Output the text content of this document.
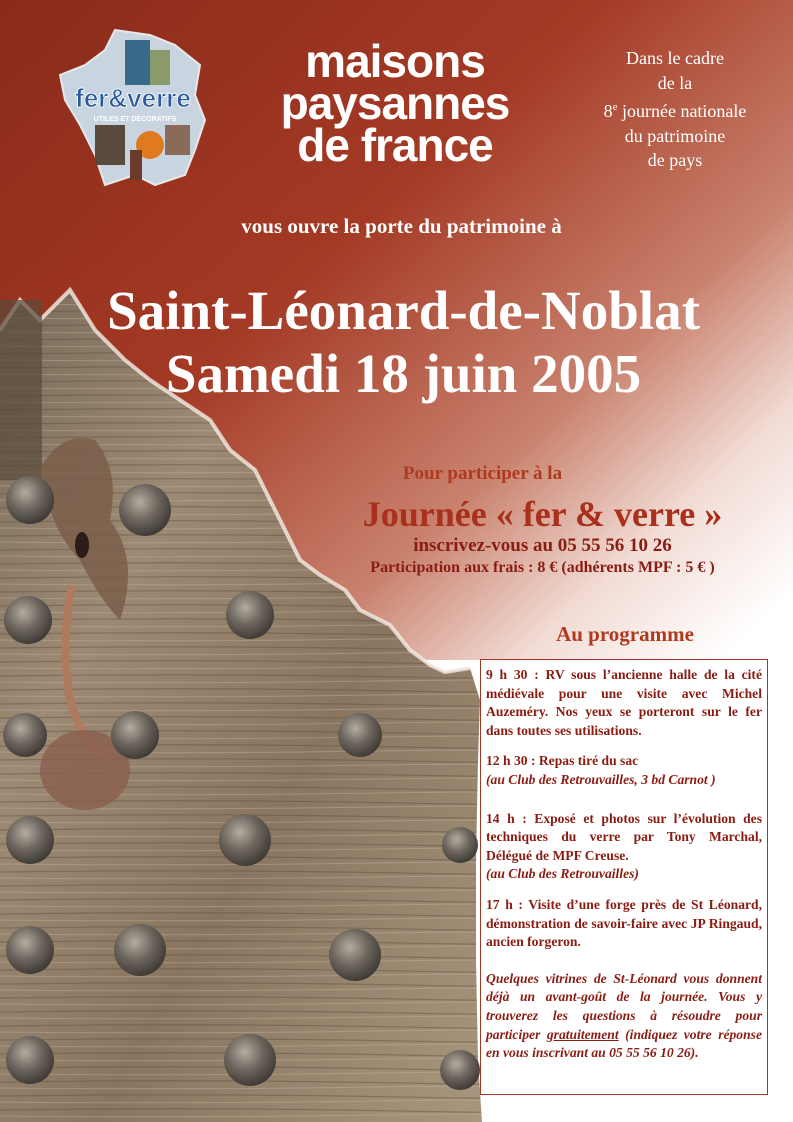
fer&verre
UTILES ET DÉCORATIFS
maisons
paysannes
de france
Dans le cadre
de la
8e journée nationale
du patrimoine
de pays
vous ouvre la porte du patrimoine à
Saint-Léonard-de-Noblat
Samedi 18 juin 2005
Pour participer à la
Journée « fer & verre »
inscrivez-vous au 05 55 56 10 26
Participation aux frais : 8 € (adhérents MPF : 5 € )
Au programme

9 h 30 : RV sous l’ancienne halle de la cité médiévale pour une visite avec Michel Auzeméry. Nos yeux se porteront sur le fer dans toutes ses utilisations.

12 h 30 : Repas tiré du sac
(au Club des Retrouvailles, 3 bd Carnot )

14 h : Exposé et photos sur l’évolution des techniques du verre par Tony Marchal, Délégué de MPF Creuse.
(au Club des Retrouvailles)

17 h : Visite d’une forge près de St Léonard, démonstration de savoir-faire avec JP Ringaud, ancien forgeron.

Quelques vitrines de St-Léonard vous donnent déjà un avant-goût de la journée. Vous y trouverez les questions à résoudre pour participer gratuitement (indiquez votre réponse en vous inscrivant au 05 55 56 10 26).
